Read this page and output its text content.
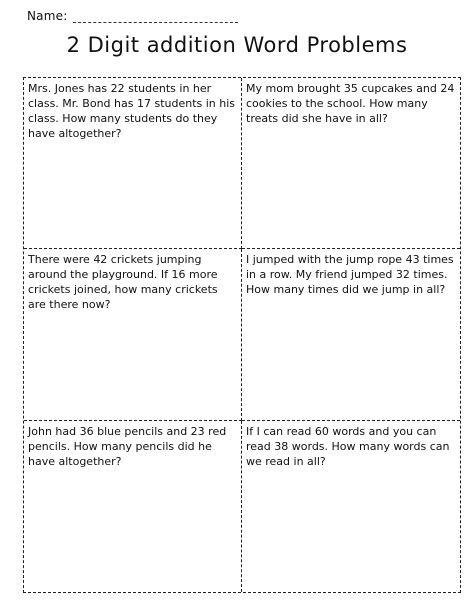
Name:
2 Digit addition Word Problems
Mrs. Jones has 22 students in her class. Mr. Bond has 17 students in his class. How many students do they have altogether?
My mom brought 35 cupcakes and 24 cookies to the school. How many treats did she have in all?
There were 42 crickets jumping around the playground. If 16 more crickets joined, how many crickets are there now?
I jumped with the jump rope 43 times in a row. My friend jumped 32 times. How many times did we jump in all?
John had 36 blue pencils and 23 red pencils. How many pencils did he have altogether?
If I can read 60 words and you can read 38 words. How many words can we read in all?
